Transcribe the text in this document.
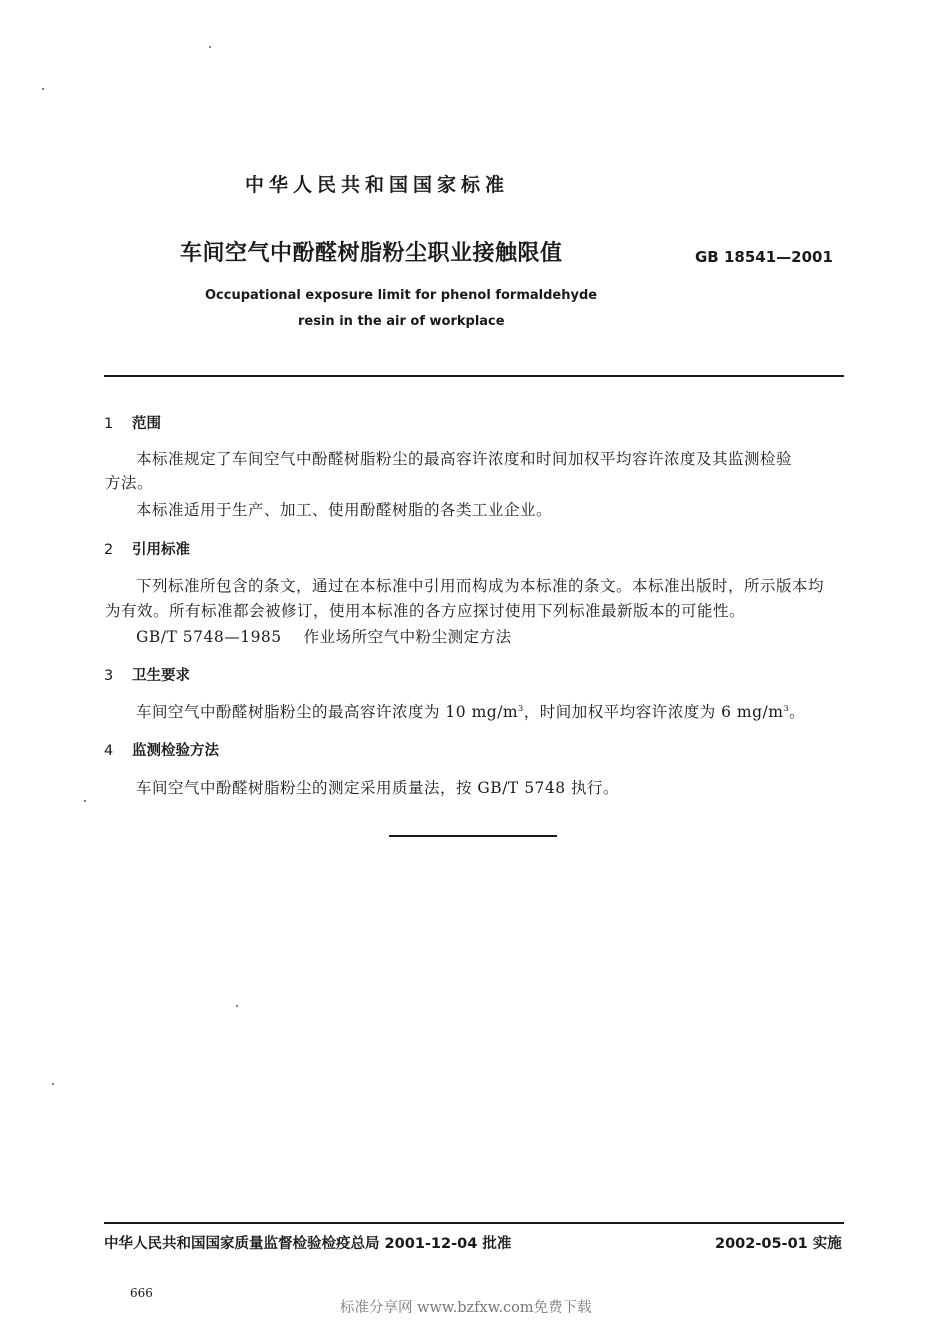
中华人民共和国国家标准
车间空气中酚醛树脂粉尘职业接触限值	GB 18541—2001
Occupational exposure limit for phenol formaldehyde
resin in the air of workplace
1 范围
本标准规定了车间空气中酚醛树脂粉尘的最高容许浓度和时间加权平均容许浓度及其监测检验
方法。
本标准适用于生产、加工、使用酚醛树脂的各类工业企业。
2 引用标准
下列标准所包含的条文，通过在本标准中引用而构成为本标准的条文。本标准出版时，所示版本均
为有效。所有标准都会被修订，使用本标准的各方应探讨使用下列标准最新版本的可能性。
GB/T 5748—1985 作业场所空气中粉尘测定方法
3 卫生要求
车间空气中酚醛树脂粉尘的最高容许浓度为 10 $mg/m^3$，时间加权平均容许浓度为 6 $mg/m^3$。
4 监测检验方法
车间空气中酚醛树脂粉尘的测定采用质量法，按 GB/T 5748 执行。
中华人民共和国国家质量监督检验检疫总局 2001-12-04 批准	2002-05-01 实施
666
标准分享网 www.bzfxw.com免费下载
